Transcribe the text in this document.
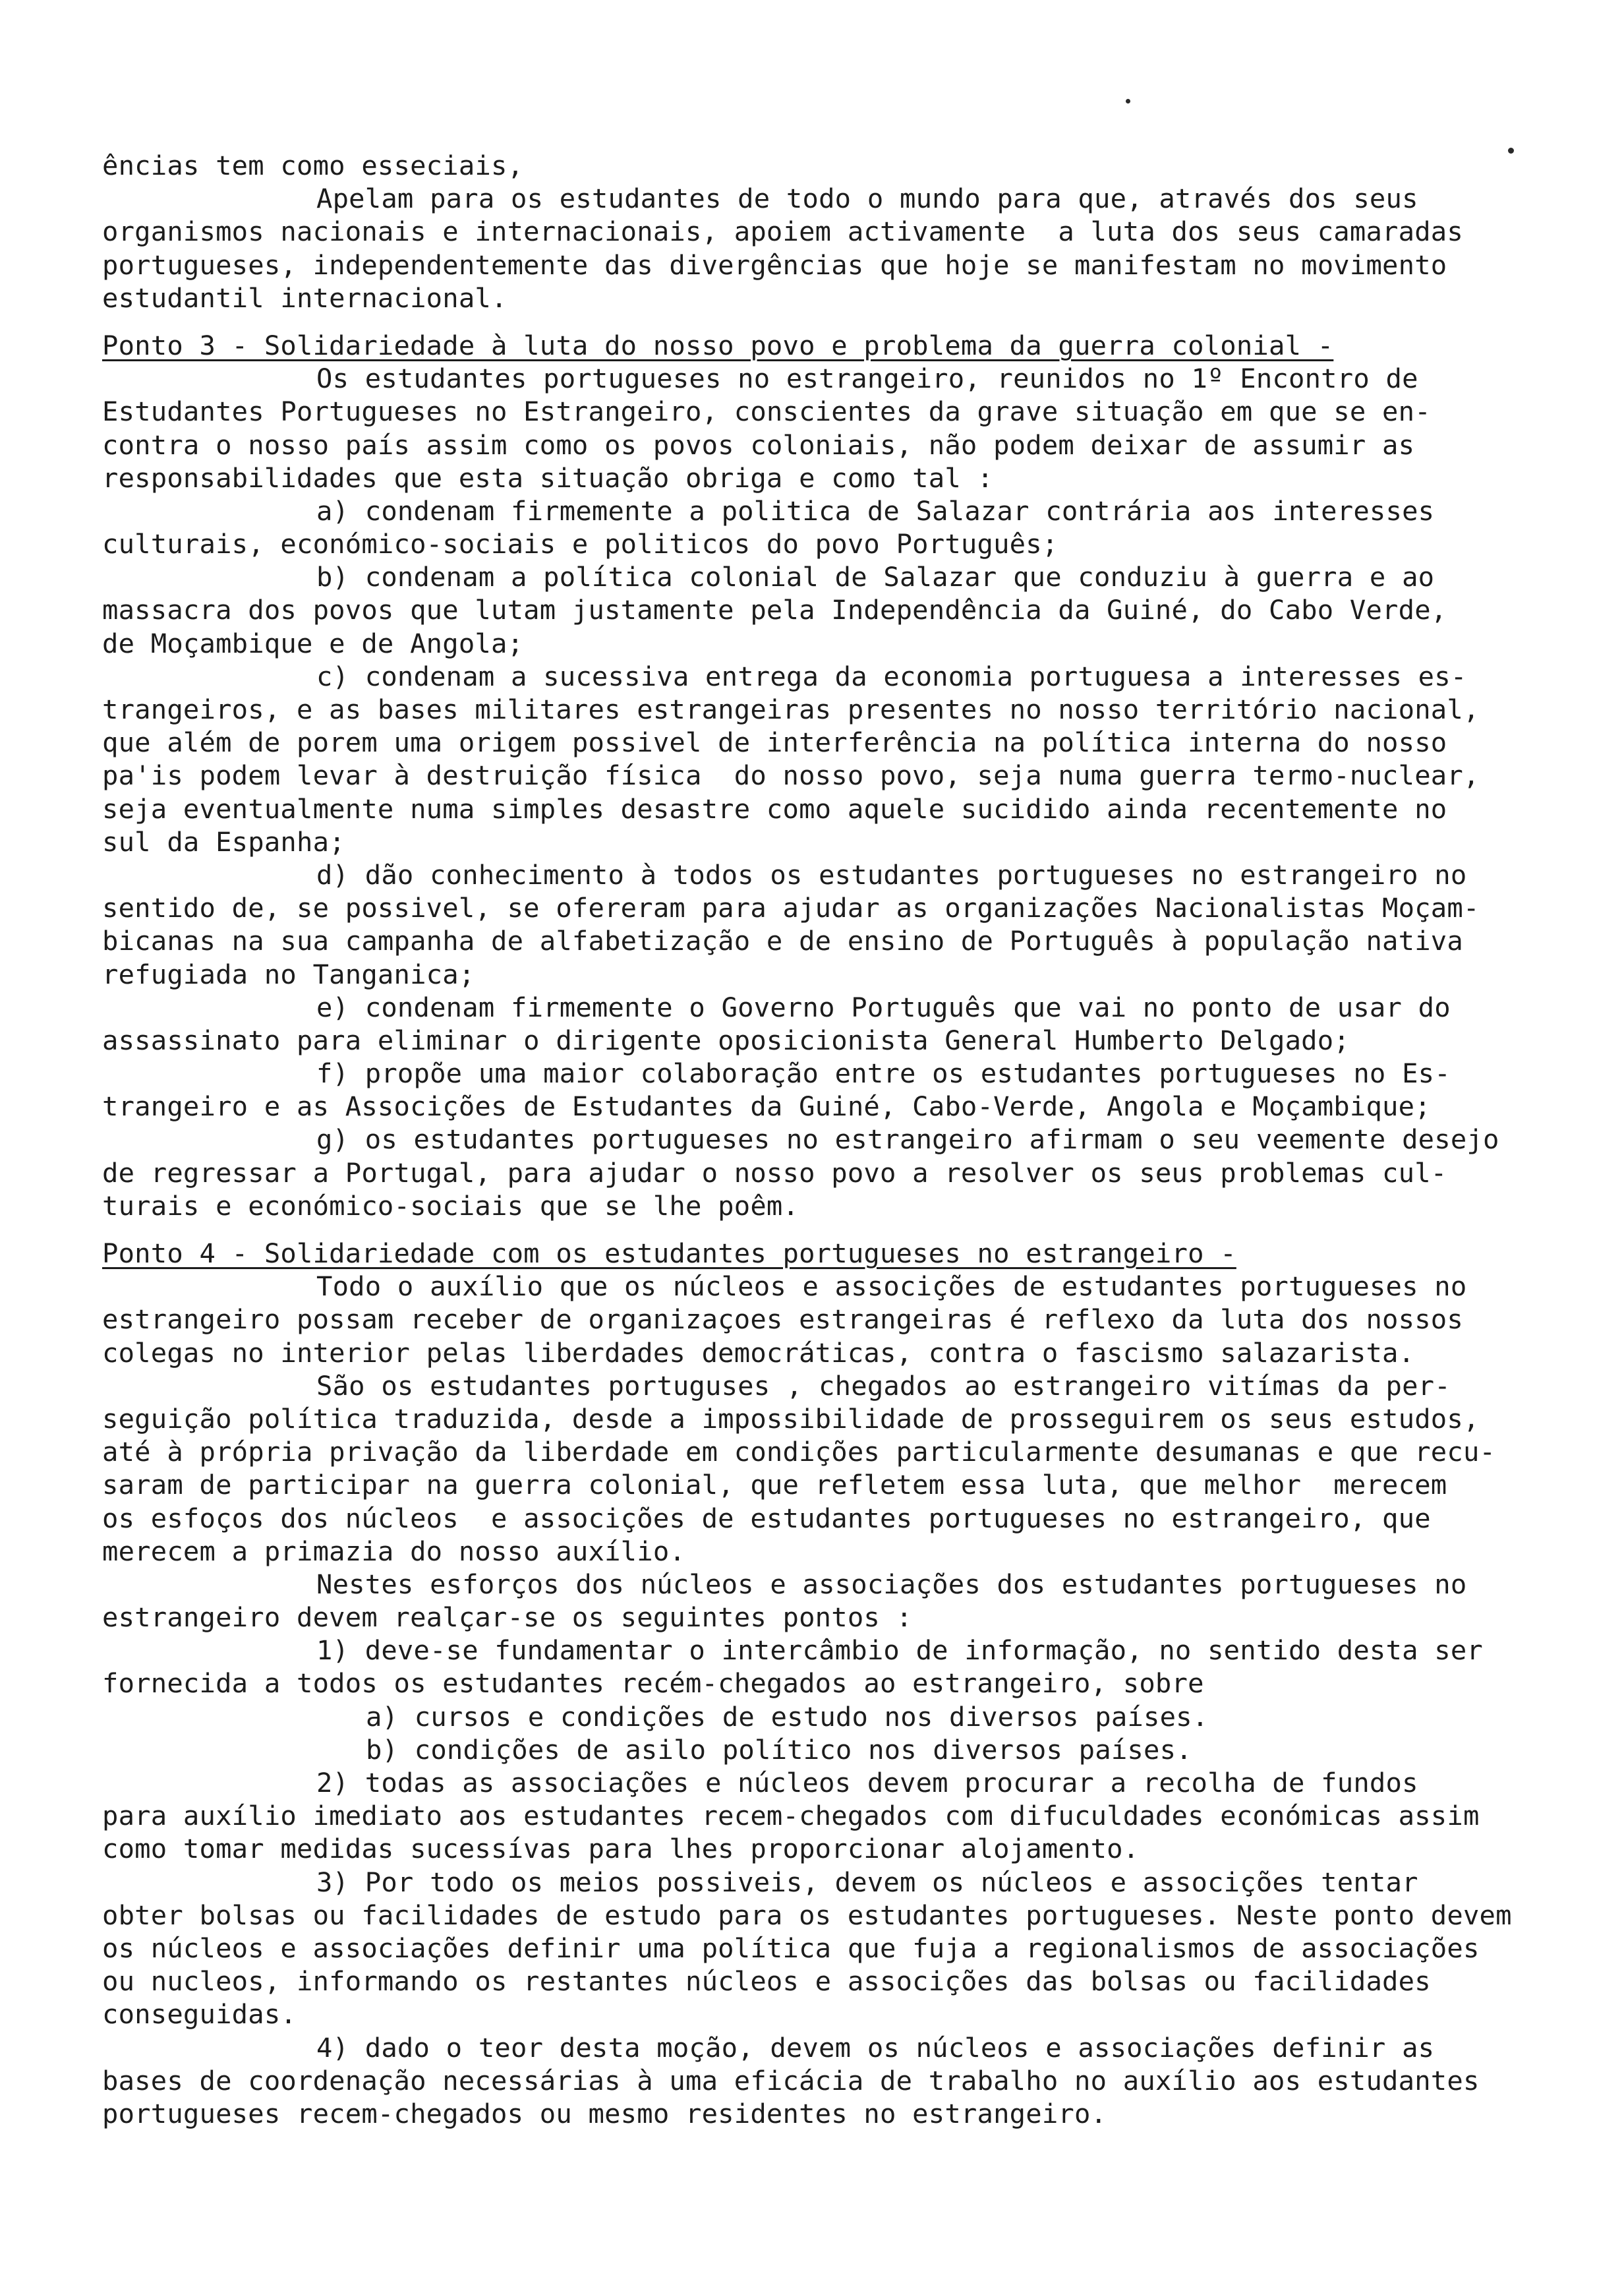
ências tem como esseciais,
Apelam para os estudantes de todo o mundo para que, através dos seus
organismos nacionais e internacionais, apoiem activamente  a luta dos seus camaradas
portugueses, independentemente das divergências que hoje se manifestam no movimento
estudantil internacional.
Ponto 3 - Solidariedade à luta do nosso povo e problema da guerra colonial -
Os estudantes portugueses no estrangeiro, reunidos no 1º Encontro de
Estudantes Portugueses no Estrangeiro, conscientes da grave situação em que se en-
contra o nosso país assim como os povos coloniais, não podem deixar de assumir as
responsabilidades que esta situação obriga e como tal :
a) condenam firmemente a politica de Salazar contrária aos interesses
culturais, económico-sociais e politicos do povo Português;
b) condenam a política colonial de Salazar que conduziu à guerra e ao
massacra dos povos que lutam justamente pela Independência da Guiné, do Cabo Verde,
de Moçambique e de Angola;
c) condenam a sucessiva entrega da economia portuguesa a interesses es-
trangeiros, e as bases militares estrangeiras presentes no nosso território nacional,
que além de porem uma origem possivel de interferência na política interna do nosso
pa'is podem levar à destruição física  do nosso povo, seja numa guerra termo-nuclear,
seja eventualmente numa simples desastre como aquele sucidido ainda recentemente no
sul da Espanha;
d) dão conhecimento à todos os estudantes portugueses no estrangeiro no
sentido de, se possivel, se ofereram para ajudar as organizações Nacionalistas Moçam-
bicanas na sua campanha de alfabetização e de ensino de Português à população nativa
refugiada no Tanganica;
e) condenam firmemente o Governo Português que vai no ponto de usar do
assassinato para eliminar o dirigente oposicionista General Humberto Delgado;
f) propõe uma maior colaboração entre os estudantes portugueses no Es-
trangeiro e as Associções de Estudantes da Guiné, Cabo-Verde, Angola e Moçambique;
g) os estudantes portugueses no estrangeiro afirmam o seu veemente desejo
de regressar a Portugal, para ajudar o nosso povo a resolver os seus problemas cul-
turais e económico-sociais que se lhe poêm.
Ponto 4 - Solidariedade com os estudantes portugueses no estrangeiro -
Todo o auxílio que os núcleos e associções de estudantes portugueses no
estrangeiro possam receber de organizaçoes estrangeiras é reflexo da luta dos nossos
colegas no interior pelas liberdades democráticas, contra o fascismo salazarista.
São os estudantes portuguses , chegados ao estrangeiro vitímas da per-
seguição política traduzida, desde a impossibilidade de prosseguirem os seus estudos,
até à própria privação da liberdade em condições particularmente desumanas e que recu-
saram de participar na guerra colonial, que refletem essa luta, que melhor  merecem
os esfoços dos núcleos  e associções de estudantes portugueses no estrangeiro, que
merecem a primazia do nosso auxílio.
Nestes esforços dos núcleos e associações dos estudantes portugueses no
estrangeiro devem realçar-se os seguintes pontos :
1) deve-se fundamentar o intercâmbio de informação, no sentido desta ser
fornecida a todos os estudantes recém-chegados ao estrangeiro, sobre
a) cursos e condições de estudo nos diversos países.
b) condições de asilo político nos diversos países.
2) todas as associações e núcleos devem procurar a recolha de fundos
para auxílio imediato aos estudantes recem-chegados com difuculdades económicas assim
como tomar medidas sucessívas para lhes proporcionar alojamento.
3) Por todo os meios possiveis, devem os núcleos e associções tentar
obter bolsas ou facilidades de estudo para os estudantes portugueses. Neste ponto devem
os núcleos e associações definir uma política que fuja a regionalismos de associações
ou nucleos, informando os restantes núcleos e associções das bolsas ou facilidades
conseguidas.
4) dado o teor desta moção, devem os núcleos e associações definir as
bases de coordenação necessárias à uma eficácia de trabalho no auxílio aos estudantes
portugueses recem-chegados ou mesmo residentes no estrangeiro.
